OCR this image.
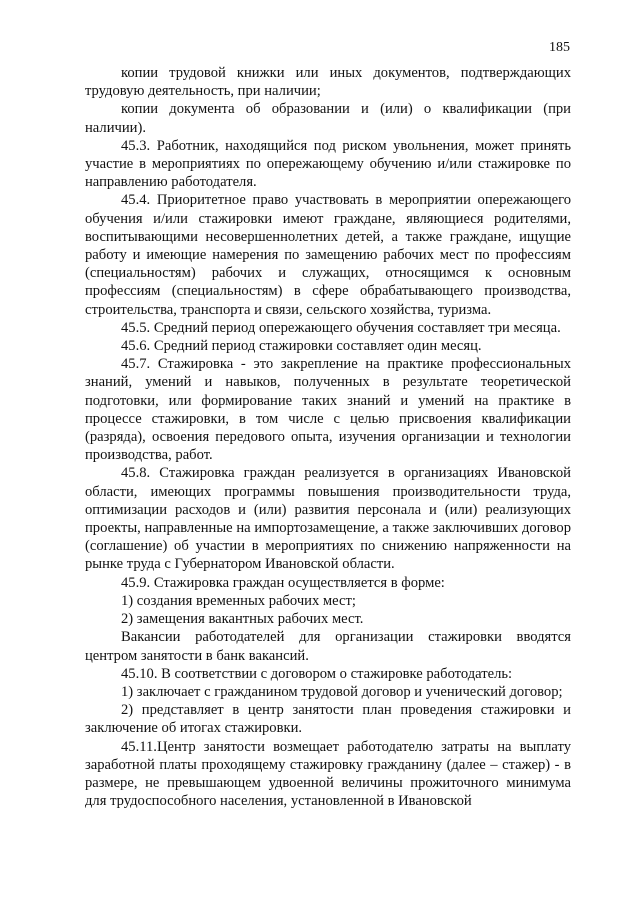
185

копии трудовой книжки или иных документов, подтверждающих трудовую деятельность, при наличии;

копии документа об образовании и (или) о квалификации (при наличии).

45.3. Работник, находящийся под риском увольнения, может принять участие в мероприятиях по опережающему обучению и/или стажировке по направлению работодателя.

45.4. Приоритетное право участвовать в мероприятии опережающего обучения и/или стажировки имеют граждане, являющиеся родителями, воспитывающими несовершеннолетних детей, а также граждане, ищущие работу и имеющие намерения по замещению рабочих мест по профессиям (специальностям) рабочих и служащих, относящимся к основным профессиям (специальностям) в сфере обрабатывающего производства, строительства, транспорта и связи, сельского хозяйства, туризма.

45.5. Средний период опережающего обучения составляет три месяца.

45.6. Средний период стажировки составляет один месяц.

45.7. Стажировка - это закрепление на практике профессиональных знаний, умений и навыков, полученных в результате теоретической подготовки, или формирование таких знаний и умений на практике в процессе стажировки, в том числе с целью присвоения квалификации (разряда), освоения передового опыта, изучения организации и технологии производства, работ.

45.8. Стажировка граждан реализуется в организациях Ивановской области, имеющих программы повышения производительности труда, оптимизации расходов и (или) развития персонала и (или) реализующих проекты, направленные на импортозамещение, а также заключивших договор (соглашение) об участии в мероприятиях по снижению напряженности на рынке труда с Губернатором Ивановской области.

45.9. Стажировка граждан осуществляется в форме:

1) создания временных рабочих мест;

2) замещения вакантных рабочих мест.

Вакансии работодателей для организации стажировки вводятся центром занятости в банк вакансий.

45.10. В соответствии с договором о стажировке работодатель:

1) заключает с гражданином трудовой договор и ученический договор;

2) представляет в центр занятости план проведения стажировки и заключение об итогах стажировки.

45.11.Центр занятости возмещает работодателю затраты на выплату заработной платы проходящему стажировку гражданину (далее – стажер) - в размере, не превышающем удвоенной величины прожиточного минимума для трудоспособного населения, установленной в Ивановской
